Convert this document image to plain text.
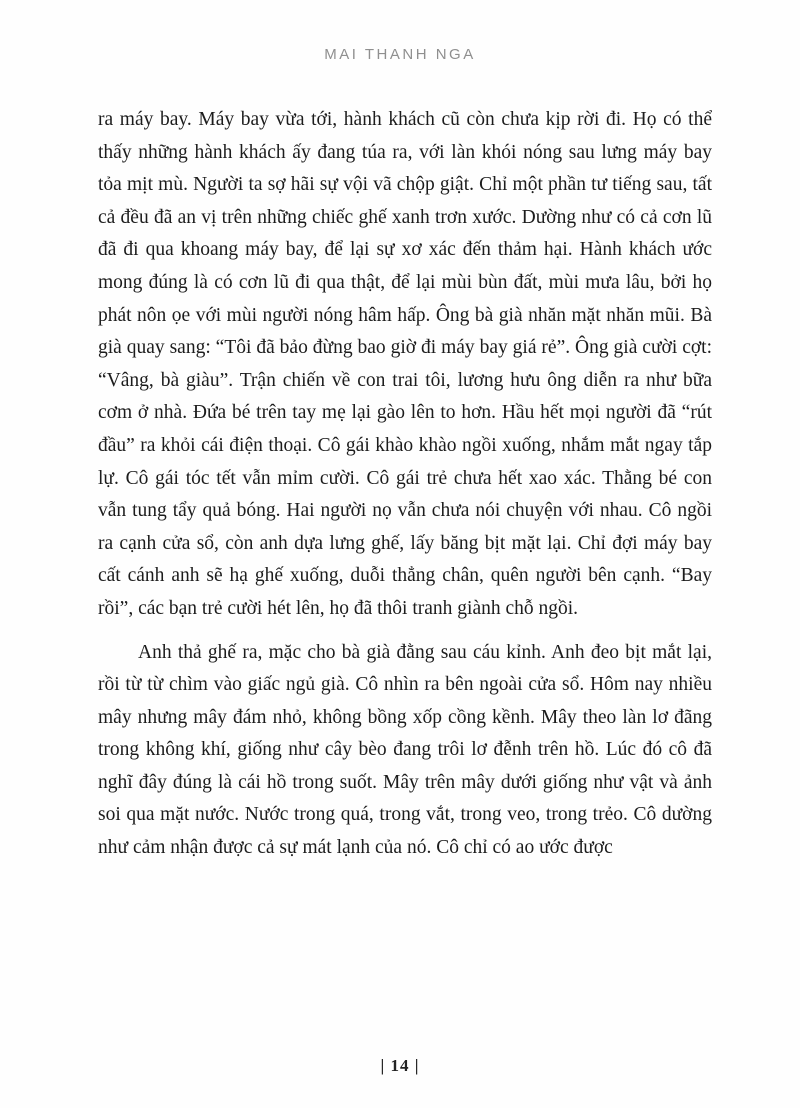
MAI THANH NGA

ra máy bay. Máy bay vừa tới, hành khách cũ còn chưa kịp rời đi. Họ có thể thấy những hành khách ấy đang túa ra, với làn khói nóng sau lưng máy bay tỏa mịt mù. Người ta sợ hãi sự vội vã chộp giật. Chỉ một phần tư tiếng sau, tất cả đều đã an vị trên những chiếc ghế xanh trơn xước. Dường như có cả cơn lũ đã đi qua khoang máy bay, để lại sự xơ xác đến thảm hại. Hành khách ước mong đúng là có cơn lũ đi qua thật, để lại mùi bùn đất, mùi mưa lâu, bởi họ phát nôn ọe với mùi người nóng hâm hấp. Ông bà già nhăn mặt nhăn mũi. Bà già quay sang: “Tôi đã bảo đừng bao giờ đi máy bay giá rẻ”. Ông già cười cợt: “Vâng, bà giàu”. Trận chiến về con trai tôi, lương hưu ông diễn ra như bữa cơm ở nhà. Đứa bé trên tay mẹ lại gào lên to hơn. Hầu hết mọi người đã “rút đầu” ra khỏi cái điện thoại. Cô gái khào khào ngồi xuống, nhắm mắt ngay tắp lự. Cô gái tóc tết vẫn mỉm cười. Cô gái trẻ chưa hết xao xác. Thằng bé con vẫn tung tẩy quả bóng. Hai người nọ vẫn chưa nói chuyện với nhau. Cô ngồi ra cạnh cửa sổ, còn anh dựa lưng ghế, lấy băng bịt mặt lại. Chỉ đợi máy bay cất cánh anh sẽ hạ ghế xuống, duỗi thẳng chân, quên người bên cạnh. “Bay rồi”, các bạn trẻ cười hét lên, họ đã thôi tranh giành chỗ ngồi.

Anh thả ghế ra, mặc cho bà già đằng sau cáu kỉnh. Anh đeo bịt mắt lại, rồi từ từ chìm vào giấc ngủ già. Cô nhìn ra bên ngoài cửa sổ. Hôm nay nhiều mây nhưng mây đám nhỏ, không bồng xốp cồng kềnh. Mây theo làn lơ đãng trong không khí, giống như cây bèo đang trôi lơ đễnh trên hồ. Lúc đó cô đã nghĩ đây đúng là cái hồ trong suốt. Mây trên mây dưới giống như vật và ảnh soi qua mặt nước. Nước trong quá, trong vắt, trong veo, trong trẻo. Cô dường như cảm nhận được cả sự mát lạnh của nó. Cô chỉ có ao ước được

| 14 |
